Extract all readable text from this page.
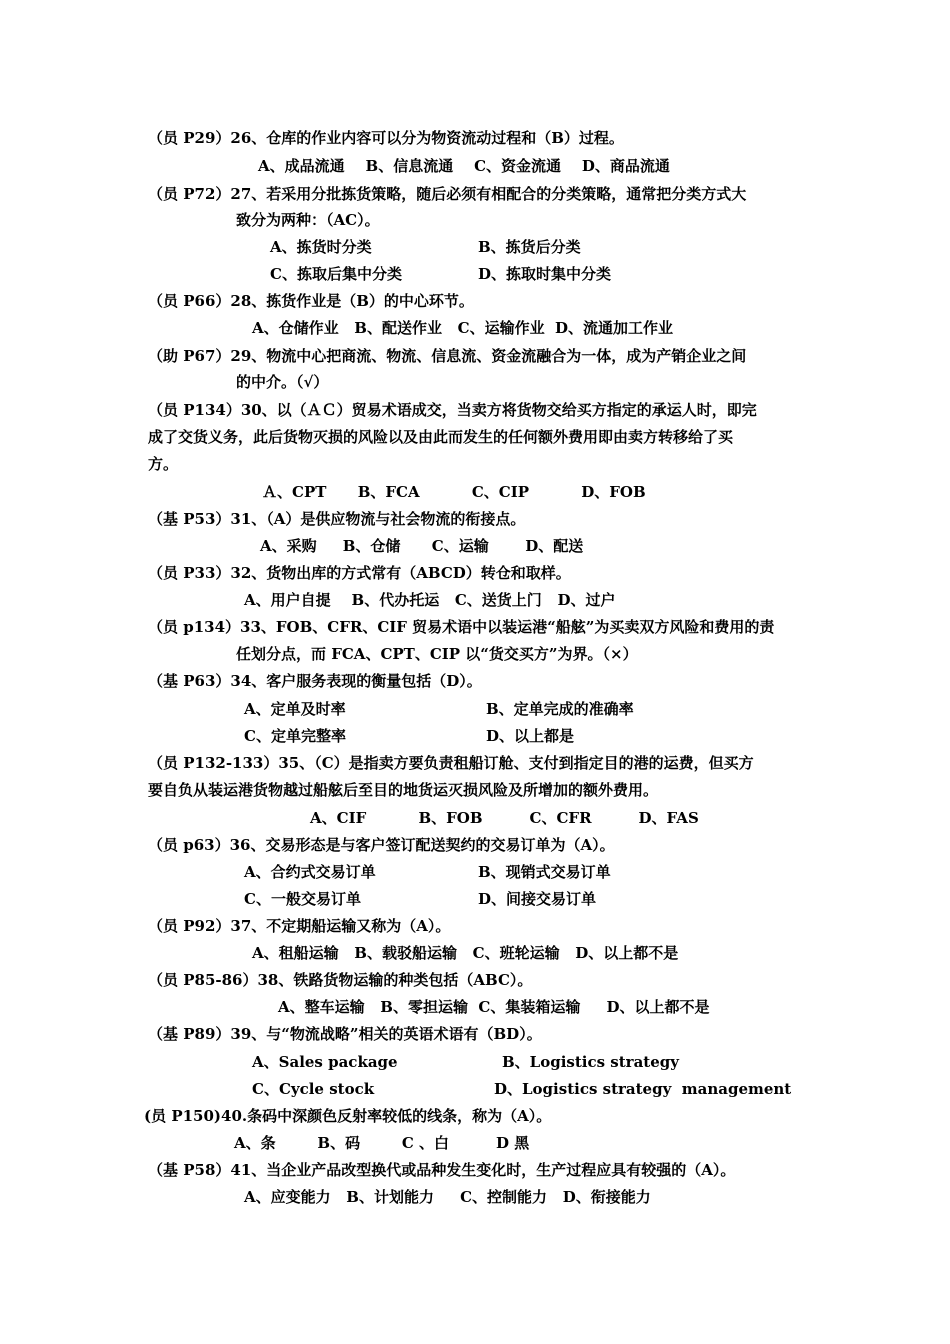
（员 P29）26、仓库的作业内容可以分为物资流动过程和（B）过程。
A、成品流通    B、信息流通    C、资金流通    D、商品流通
（员 P72）27、若采用分批拣货策略，随后必须有相配合的分类策略，通常把分类方式大
致分为两种：（AC）。
A、拣货时分类	B、拣货后分类
C、拣取后集中分类	D、拣取时集中分类
（员 P66）28、拣货作业是（B）的中心环节。
A、仓储作业   B、配送作业   C、运输作业  D、流通加工作业
（助 P67）29、物流中心把商流、物流、信息流、资金流融合为一体，成为产销企业之间
的中介。（√）
（员 P134）30、以（ＡＣ）贸易术语成交，当卖方将货物交给买方指定的承运人时，即完
成了交货义务，此后货物灭损的风险以及由此而发生的任何额外费用即由卖方转移给了买
方。
Ａ、CPT      B、FCA          C、CIP          D、FOB
（基 P53）31、（A）是供应物流与社会物流的衔接点。
A、采购     B、仓储      C、运输       D、配送
（员 P33）32、货物出库的方式常有（ABCD）转仓和取样。
A、用户自提    B、代办托运   C、送货上门   D、过户
（员 p134）33、FOB、CFR、CIF 贸易术语中以装运港“船舷”为买卖双方风险和费用的责
任划分点，而 FCA、CPT、CIP 以“货交买方”为界。（×）
（基 P63）34、客户服务表现的衡量包括（D）。
A、定单及时率	B、定单完成的准确率
C、定单完整率	D、以上都是
（员 P132-133）35、（C）是指卖方要负责租船订舱、支付到指定目的港的运费，但买方
要自负从装运港货物越过船舷后至目的地货运灭损风险及所增加的额外费用。
A、CIF          B、FOB         C、CFR         D、FAS
（员 p63）36、交易形态是与客户签订配送契约的交易订单为（A）。
A、合约式交易订单	B、现销式交易订单
C、一般交易订单	D、间接交易订单
（员 P92）37、不定期船运输又称为（A）。
A、租船运输   B、载驳船运输   C、班轮运输   D、以上都不是
（员 P85-86）38、铁路货物运输的种类包括（ABC）。
A、整车运输   B、零担运输  C、集装箱运输     D、以上都不是
（基 P89）39、与“物流战略”相关的英语术语有（BD）。
A、Sales package	B、Logistics strategy
C、Cycle stock	D、Logistics strategy  management
(员 P150)40.条码中深颜色反射率较低的线条，称为（A）。
A、条        B、码        C 、白         D 黑
（基 P58）41、当企业产品改型换代或品种发生变化时，生产过程应具有较强的（A）。
A、应变能力   B、计划能力     C、控制能力   D、衔接能力
